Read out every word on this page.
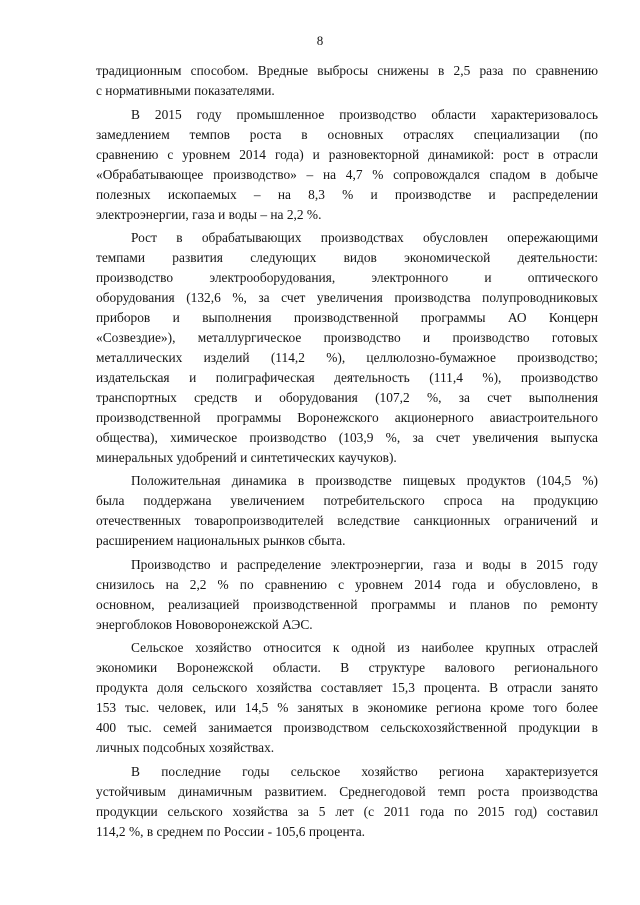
8
традиционным способом. Вредные выбросы снижены в 2,5 раза по сравнению
с нормативными показателями.
В 2015 году промышленное производство области характеризовалось
замедлением темпов роста в основных отраслях специализации (по
сравнению с уровнем 2014 года) и разновекторной динамикой: рост в отрасли
«Обрабатывающее производство» – на 4,7 % сопровождался спадом в добыче
полезных ископаемых – на 8,3 % и производстве и распределении
электроэнергии, газа и воды – на 2,2 %.
Рост в обрабатывающих производствах обусловлен опережающими
темпами развития следующих видов экономической деятельности:
производство электрооборудования, электронного и оптического
оборудования (132,6 %, за счет увеличения производства полупроводниковых
приборов и выполнения производственной программы АО Концерн
«Созвездие»), металлургическое производство и производство готовых
металлических изделий (114,2 %), целлюлозно-бумажное производство;
издательская и полиграфическая деятельность (111,4 %), производство
транспортных средств и оборудования (107,2 %, за счет выполнения
производственной программы Воронежского акционерного авиастроительного
общества), химическое производство (103,9 %, за счет увеличения выпуска
минеральных удобрений и синтетических каучуков).
Положительная динамика в производстве пищевых продуктов (104,5 %)
была поддержана увеличением потребительского спроса на продукцию
отечественных товаропроизводителей вследствие санкционных ограничений и
расширением национальных рынков сбыта.
Производство и распределение электроэнергии, газа и воды в 2015 году
снизилось на 2,2 % по сравнению с уровнем 2014 года и обусловлено, в
основном, реализацией производственной программы и планов по ремонту
энергоблоков Нововоронежской АЭС.
Сельское хозяйство относится к одной из наиболее крупных отраслей
экономики Воронежской области. В структуре валового регионального
продукта доля сельского хозяйства составляет 15,3 процента. В отрасли занято
153 тыс. человек, или 14,5 % занятых в экономике региона кроме того более
400 тыс. семей занимается производством сельскохозяйственной продукции в
личных подсобных хозяйствах.
В последние годы сельское хозяйство региона характеризуется
устойчивым динамичным развитием. Среднегодовой темп роста производства
продукции сельского хозяйства за 5 лет (с 2011 года по 2015 год) составил
114,2 %, в среднем по России - 105,6 процента.
